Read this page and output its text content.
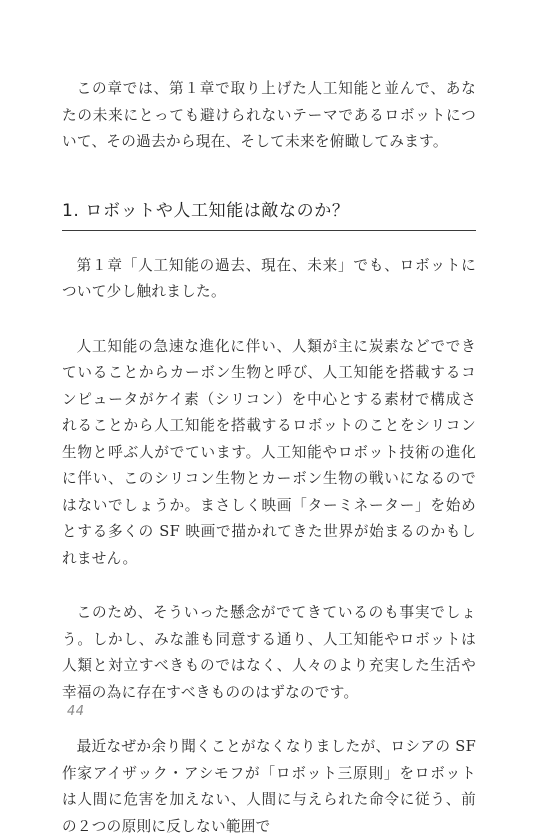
この章では、第１章で取り上げた人工知能と並んで、あなたの未来にとっても避けられないテーマであるロボットについて、その過去から現在、そして未来を俯瞰してみます。

1. ロボットや人工知能は敵なのか？

第１章「人工知能の過去、現在、未来」でも、ロボットについて少し触れました。

人工知能の急速な進化に伴い、人類が主に炭素などでできていることからカーボン生物と呼び、人工知能を搭載するコンピュータがケイ素（シリコン）を中心とする素材で構成されることから人工知能を搭載するロボットのことをシリコン生物と呼ぶ人がでています。人工知能やロボット技術の進化に伴い、このシリコン生物とカーボン生物の戦いになるのではないでしょうか。まさしく映画「ターミネーター」を始めとする多くの SF 映画で描かれてきた世界が始まるのかもしれません。

このため、そういった懸念がでてきているのも事実でしょう。しかし、みな誰も同意する通り、人工知能やロボットは人類と対立すべきものではなく、人々のより充実した生活や幸福の為に存在すべきもののはずなのです。

最近なぜか余り聞くことがなくなりましたが、ロシアの SF 作家アイザック・アシモフが「ロボット三原則」をロボットは人間に危害を加えない、人間に与えられた命令に従う、前の２つの原則に反しない範囲で

44
